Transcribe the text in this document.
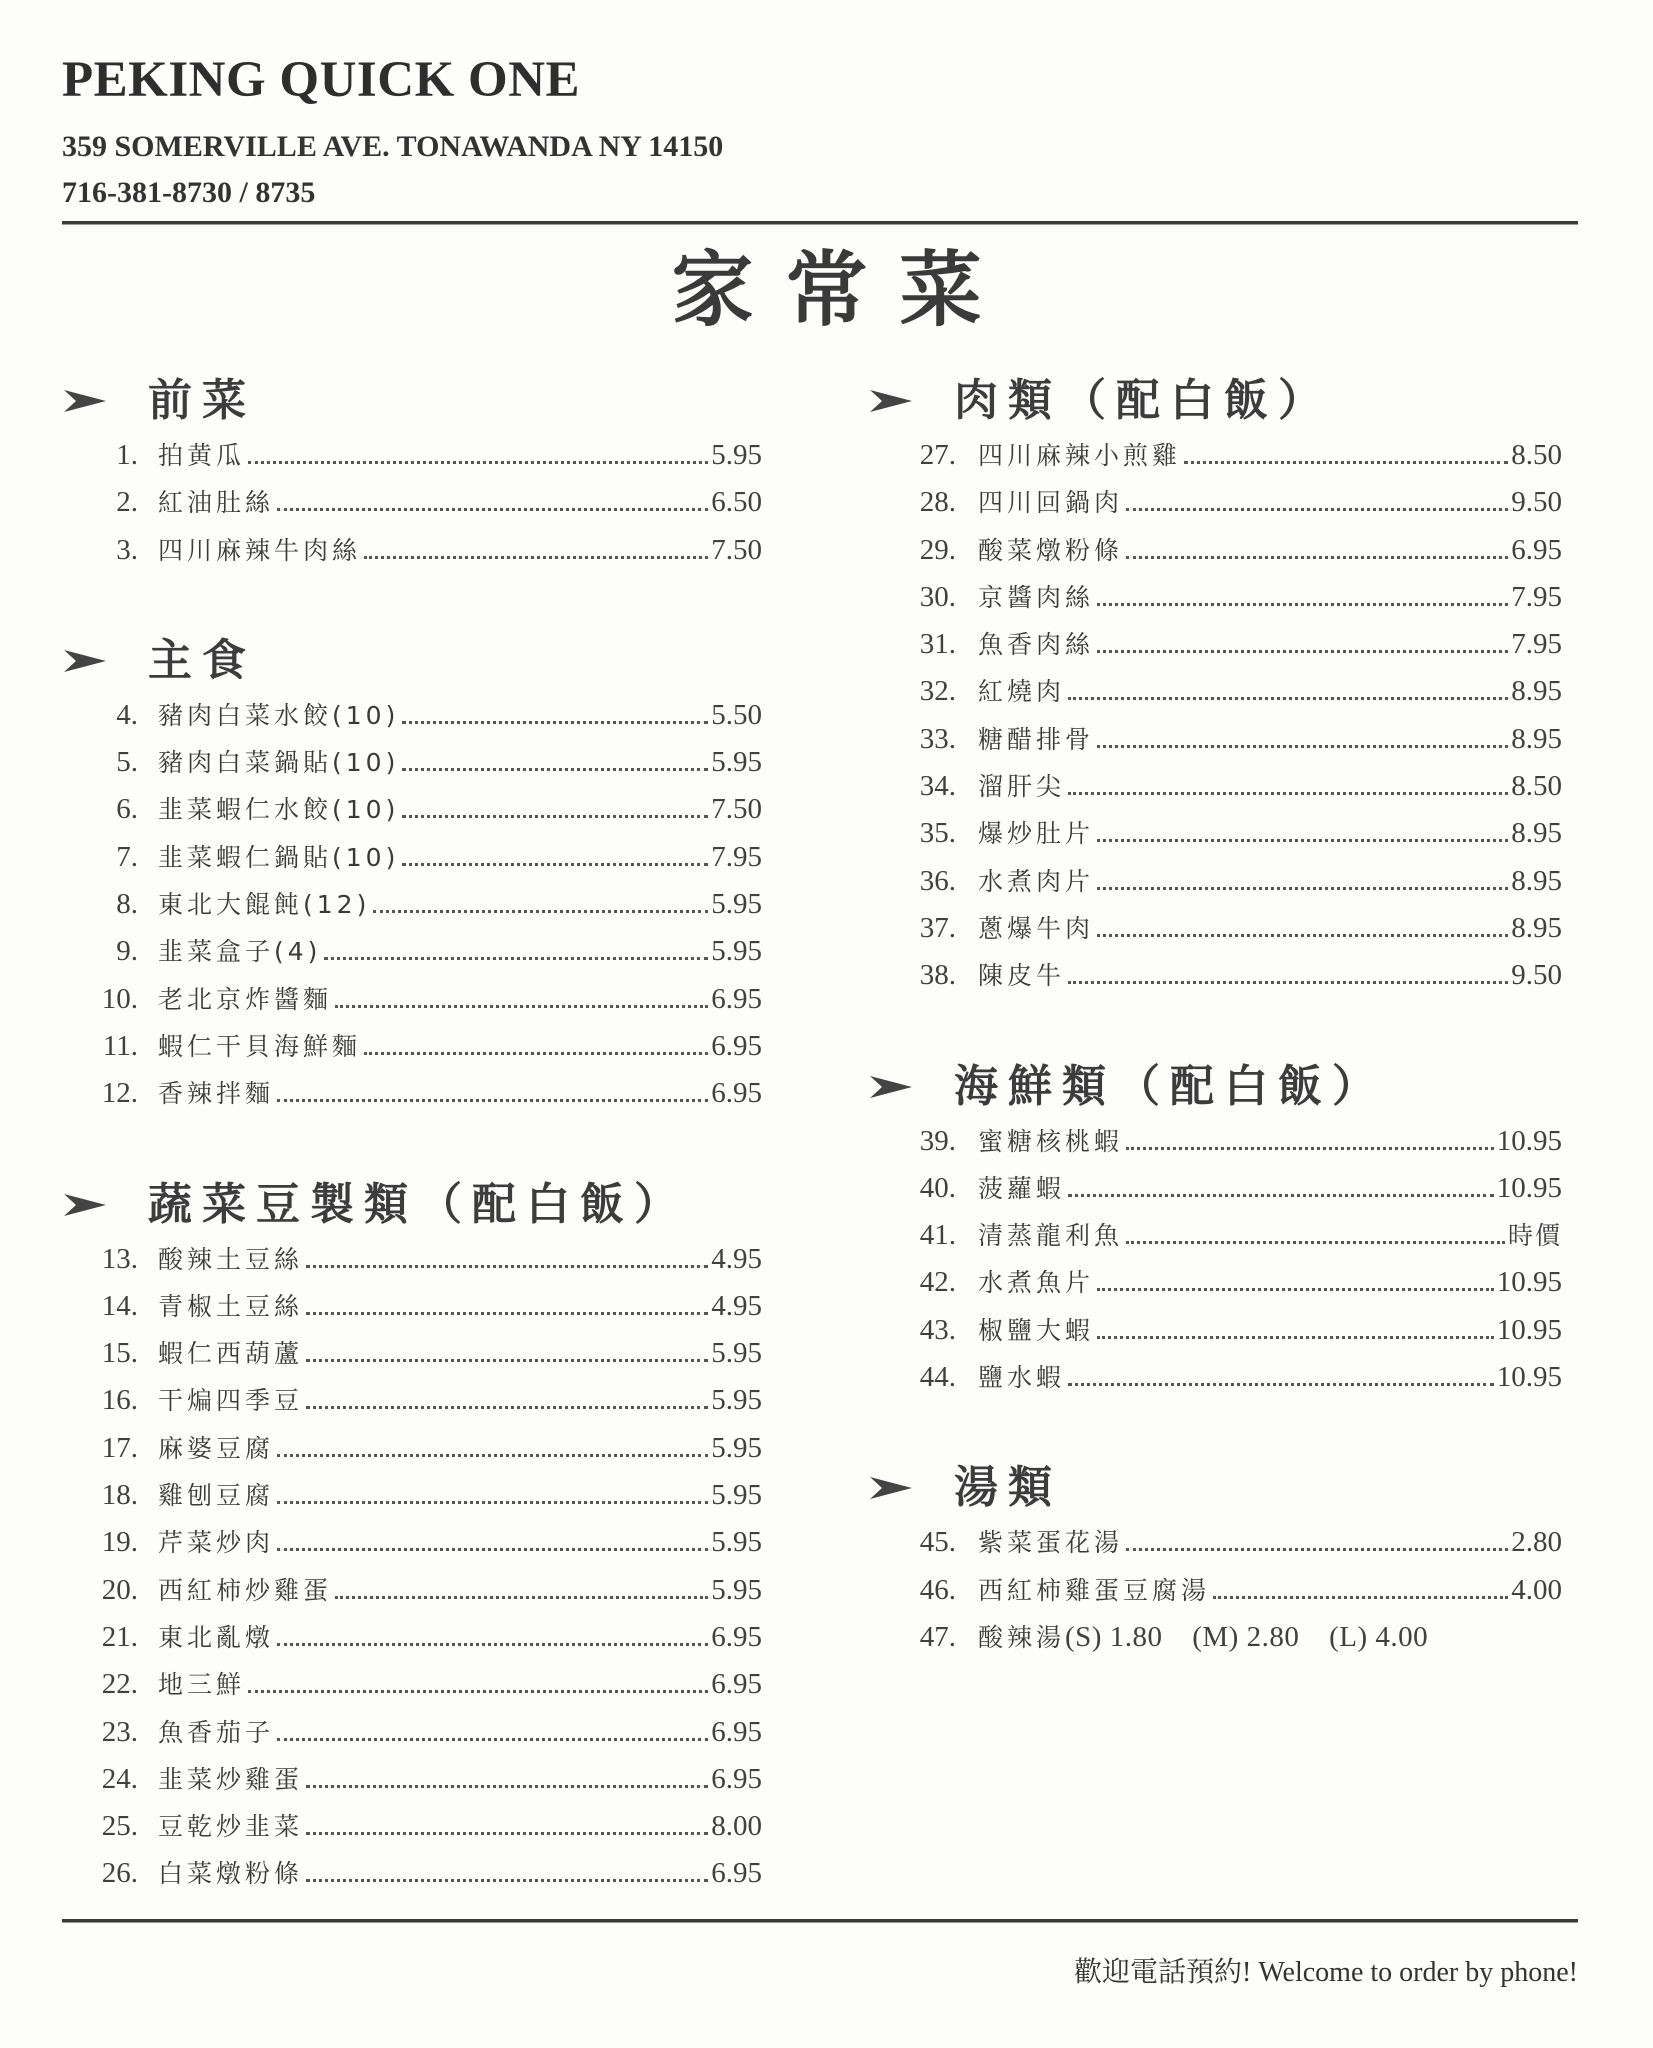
PEKING QUICK ONE
359 SOMERVILLE AVE. TONAWANDA NY 14150
716-381-8730 / 8735
家常菜
前菜
1. 拍黄瓜	5.95
2. 紅油肚絲	6.50
3. 四川麻辣牛肉絲	7.50
主食
4. 豬肉白菜水餃(10)	5.50
5. 豬肉白菜鍋貼(10)	5.95
6. 韭菜蝦仁水餃(10)	7.50
7. 韭菜蝦仁鍋貼(10)	7.95
8. 東北大餛飩(12)	5.95
9. 韭菜盒子(4)	5.95
10. 老北京炸醬麵	6.95
11. 蝦仁干貝海鮮麵	6.95
12. 香辣拌麵	6.95
蔬菜豆製類（配白飯）
13. 酸辣土豆絲	4.95
14. 青椒土豆絲	4.95
15. 蝦仁西葫蘆	5.95
16. 干煸四季豆	5.95
17. 麻婆豆腐	5.95
18. 雞刨豆腐	5.95
19. 芹菜炒肉	5.95
20. 西紅柿炒雞蛋	5.95
21. 東北亂燉	6.95
22. 地三鮮	6.95
23. 魚香茄子	6.95
24. 韭菜炒雞蛋	6.95
25. 豆乾炒韭菜	8.00
26. 白菜燉粉條	6.95
肉類（配白飯）
27. 四川麻辣小煎雞	8.50
28. 四川回鍋肉	9.50
29. 酸菜燉粉條	6.95
30. 京醬肉絲	7.95
31. 魚香肉絲	7.95
32. 紅燒肉	8.95
33. 糖醋排骨	8.95
34. 溜肝尖	8.50
35. 爆炒肚片	8.95
36. 水煮肉片	8.95
37. 蔥爆牛肉	8.95
38. 陳皮牛	9.50
海鮮類（配白飯）
39. 蜜糖核桃蝦	10.95
40. 菠蘿蝦	10.95
41. 清蒸龍利魚	時價
42. 水煮魚片	10.95
43. 椒鹽大蝦	10.95
44. 鹽水蝦	10.95
湯類
45. 紫菜蛋花湯	2.80
46. 西紅柿雞蛋豆腐湯	4.00
47. 酸辣湯 (S) 1.80 (M) 2.80 (L) 4.00
歡迎電話預約! Welcome to order by phone!
